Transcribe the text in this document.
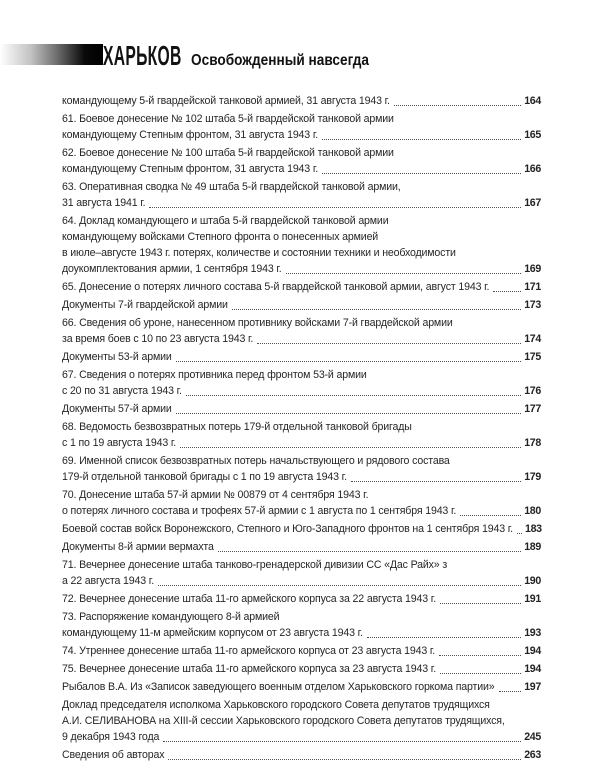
ХАРЬКОВ Освобожденный навсегда
командующему 5-й гвардейской танковой армией, 31 августа 1943 г.	164
61. Боевое донесение № 102 штаба 5-й гвардейской танковой армии
командующему Степным фронтом, 31 августа 1943 г.	165
62. Боевое донесение № 100 штаба 5-й гвардейской танковой армии
командующему Степным фронтом, 31 августа 1943 г.	166
63. Оперативная сводка № 49 штаба 5-й гвардейской танковой армии,
31 августа 1941 г.	167
64. Доклад командующего и штаба 5-й гвардейской танковой армии
командующему войсками Степного фронта о понесенных армией
в июле–августе 1943 г. потерях, количестве и состоянии техники и необходимости
доукомплектования армии, 1 сентября 1943 г.	169
65. Донесение о потерях личного состава 5-й гвардейской танковой армии, август 1943 г.	171
Документы 7-й гвардейской армии	173
66. Сведения об уроне, нанесенном противнику войсками 7-й гвардейской армии
за время боев с 10 по 23 августа 1943 г.	174
Документы 53-й армии	175
67. Сведения о потерях противника перед фронтом 53-й армии
с 20 по 31 августа 1943 г.	176
Документы 57-й армии	177
68. Ведомость безвозвратных потерь 179-й отдельной танковой бригады
с 1 по 19 августа 1943 г.	178
69. Именной список безвозвратных потерь начальствующего и рядового состава
179-й отдельной танковой бригады с 1 по 19 августа 1943 г.	179
70. Донесение штаба 57-й армии № 00879 от 4 сентября 1943 г.
о потерях личного состава и трофеях 57-й армии с 1 августа по 1 сентября 1943 г.	180
Боевой состав войск Воронежского, Степного и Юго-Западного фронтов на 1 сентября 1943 г. 183
Документы 8-й армии вермахта	189
71. Вечернее донесение штаба танково-гренадерской дивизии СС «Дас Райх» з
а 22 августа 1943 г.	190
72. Вечернее донесение штаба 11-го армейского корпуса за 22 августа 1943 г.	191
73. Распоряжение командующего 8-й армией
командующему 11-м армейским корпусом от 23 августа 1943 г.	193
74. Утреннее донесение штаба 11-го армейского корпуса от 23 августа 1943 г.	194
75. Вечернее донесение штаба 11-го армейского корпуса за 23 августа 1943 г.	194
Рыбалов В.А. Из «Записок заведующего военным отделом Харьковского горкома партии»	197
Доклад председателя исполкома Харьковского городского Совета депутатов трудящихся
А.И. СЕЛИВАНОВА на XIII-й сессии Харьковского городского Совета депутатов трудящихся,
9 декабря 1943 года	245
Сведения об авторах	263
